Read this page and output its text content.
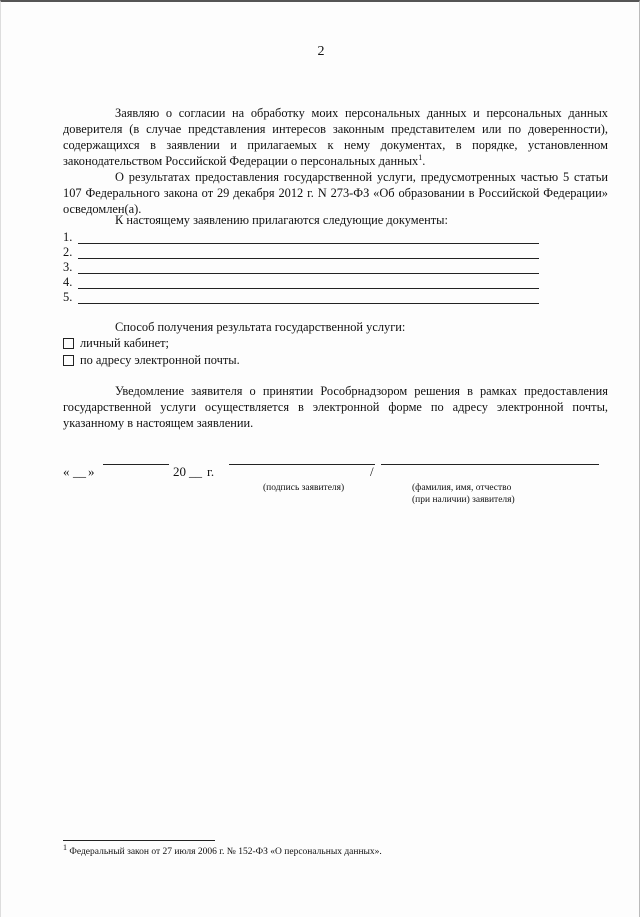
2

Заявляю о согласии на обработку моих персональных данных и персональных данных доверителя (в случае представления интересов законным представителем или по доверенности), содержащихся в заявлении и прилагаемых к нему документах, в порядке, установленном законодательством Российской Федерации о персональных данных$^1$.

О результатах предоставления государственной услуги, предусмотренных частью 5 статьи 107 Федерального закона от 29 декабря 2012 г. N 273-ФЗ «Об образовании в Российской Федерации» осведомлен(а).

К настоящему заявлению прилагаются следующие документы:
1.
2.
3.
4.
5.
Способ получения результата государственной услуги:
личный кабинет;
по адресу электронной почты.

Уведомление заявителя о принятии Рособрнадзором решения в рамках предоставления государственной услуги осуществляется в электронной форме по адресу электронной почты, указанному в настоящем заявлении.

« __ »	20 __ г.	/
(подпись заявителя)	(фамилия, имя, отчество
(при наличии) заявителя)
$^1$ Федеральный закон от 27 июля 2006 г. № 152-ФЗ «О персональных данных».
